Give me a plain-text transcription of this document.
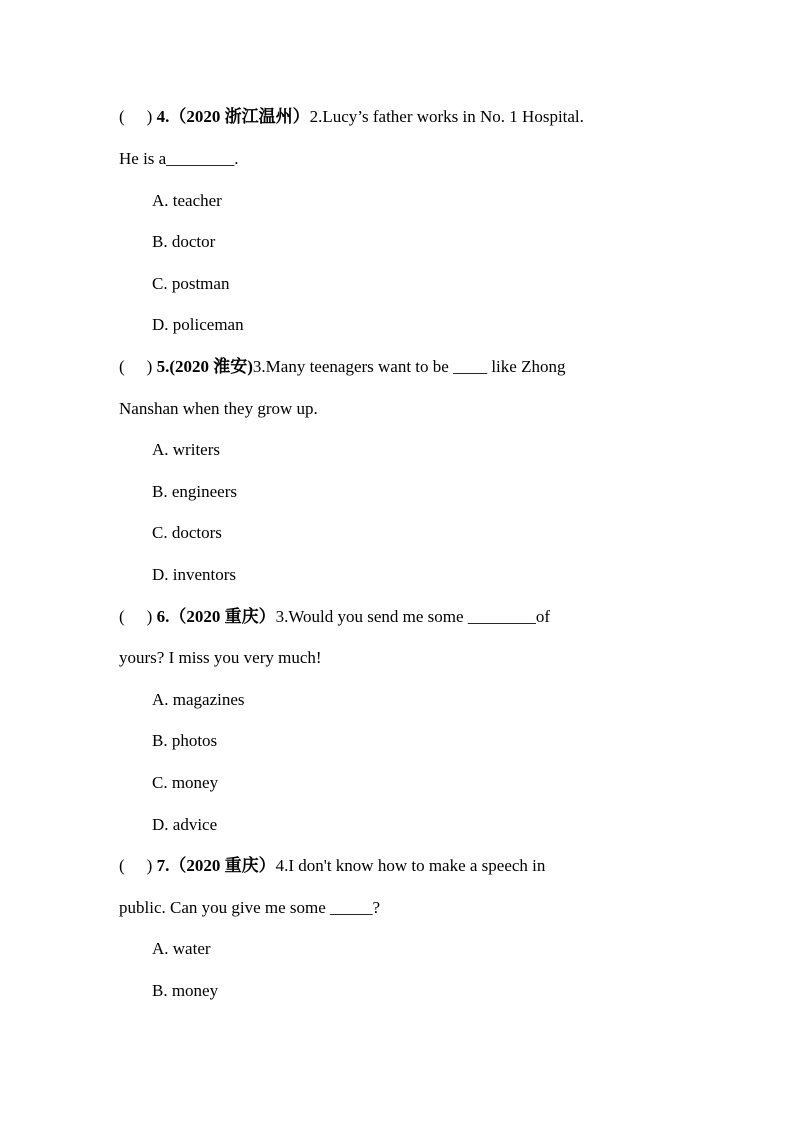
( ) 4.（2020 浙江温州）2.Lucy’s father works in No. 1 Hospital.
He is a________.
A. teacher
B. doctor
C. postman
D. policeman
( ) 5.(2020 淮安)3.Many teenagers want to be ____ like Zhong
Nanshan when they grow up.
A. writers
B. engineers
C. doctors
D. inventors
( ) 6.（2020 重庆）3.Would you send me some ________of
yours? I miss you very much!
A. magazines
B. photos
C. money
D. advice
( ) 7.（2020 重庆）4.I don't know how to make a speech in
public. Can you give me some _____?
A. water
B. money
